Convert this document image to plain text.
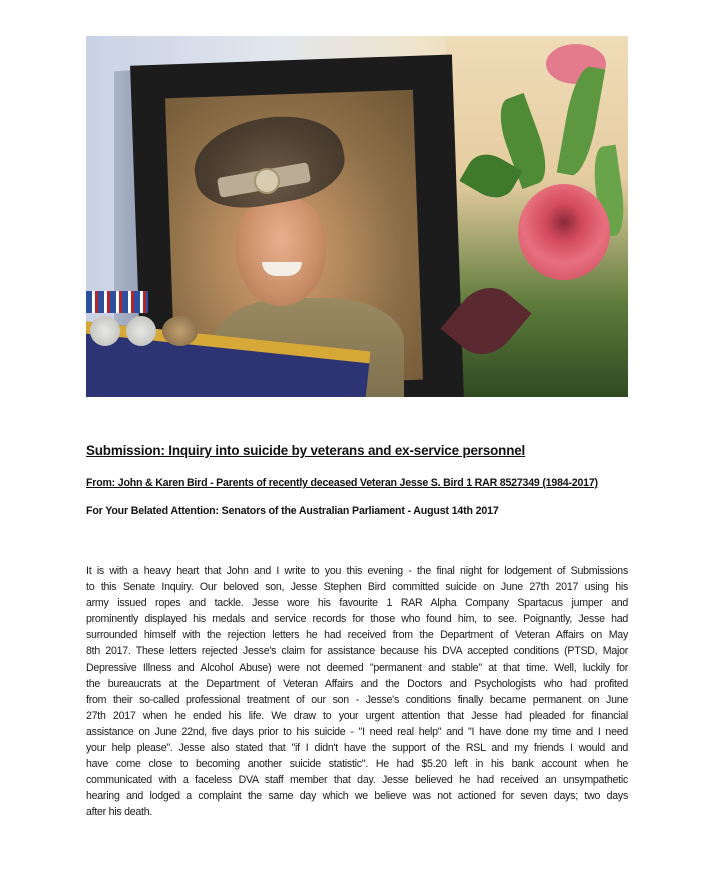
Submission: Inquiry into suicide by veterans and ex-service personnel
From: John & Karen Bird - Parents of recently deceased Veteran Jesse S. Bird 1 RAR 8527349 (1984-2017)
For Your Belated Attention: Senators of the Australian Parliament - August 14th 2017
It is with a heavy heart that John and I write to you this evening - the final night for lodgement of Submissions
to this Senate Inquiry. Our beloved son, Jesse Stephen Bird committed suicide on June 27th 2017 using his
army issued ropes and tackle. Jesse wore his favourite 1 RAR Alpha Company Spartacus jumper and
prominently displayed his medals and service records for those who found him, to see. Poignantly, Jesse had
surrounded himself with the rejection letters he had received from the Department of Veteran Affairs on May
8th 2017. These letters rejected Jesse's claim for assistance because his DVA accepted conditions (PTSD, Major
Depressive Illness and Alcohol Abuse) were not deemed "permanent and stable" at that time. Well, luckily for
the bureaucrats at the Department of Veteran Affairs and the Doctors and Psychologists who had profited
from their so-called professional treatment of our son - Jesse's conditions finally became permanent on June
27th 2017 when he ended his life. We draw to your urgent attention that Jesse had pleaded for financial
assistance on June 22nd, five days prior to his suicide - "I need real help" and "I have done my time and I need
your help please". Jesse also stated that "if I didn't have the support of the RSL and my friends I would and
have come close to becoming another suicide statistic". He had $5.20 left in his bank account when he
communicated with a faceless DVA staff member that day. Jesse believed he had received an unsympathetic
hearing and lodged a complaint the same day which we believe was not actioned for seven days; two days
after his death.
